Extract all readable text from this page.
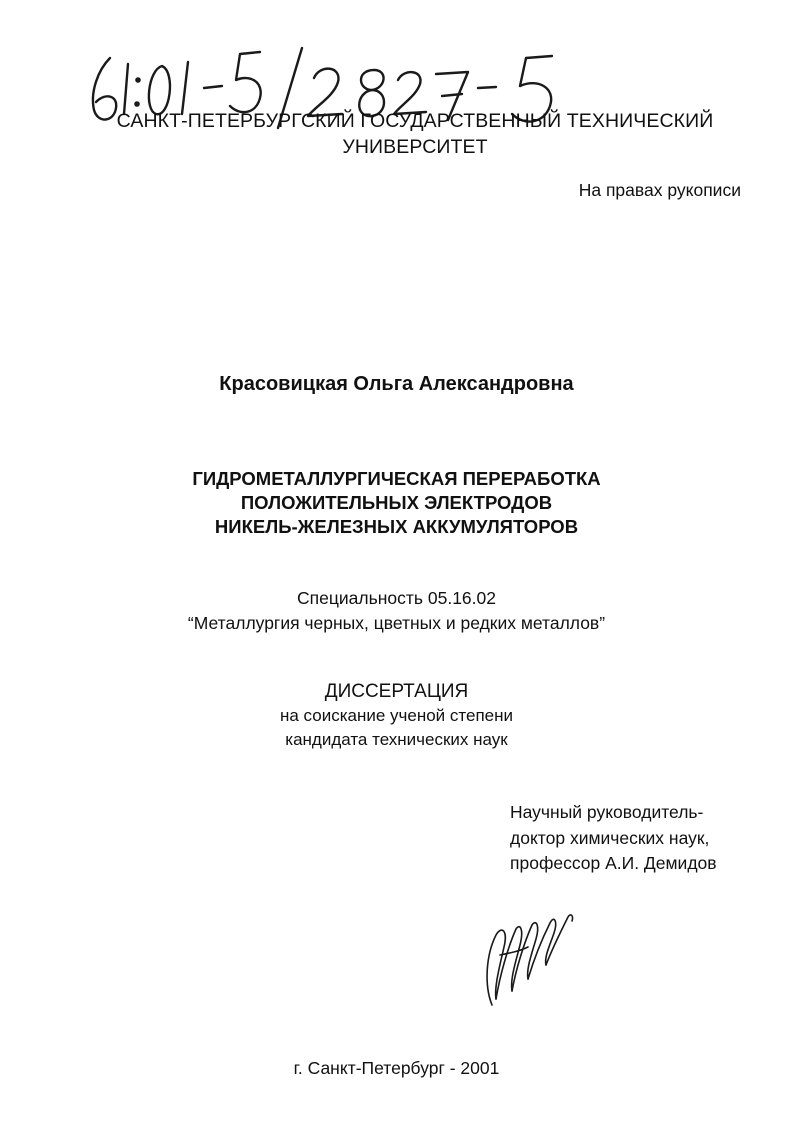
САНКТ-ПЕТЕРБУРГСКИЙ ГОСУДАРСТВЕННЫЙ ТЕХНИЧЕСКИЙ
УНИВЕРСИТЕТ

На правах рукописи

Красовицкая Ольга Александровна

ГИДРОМЕТАЛЛУРГИЧЕСКАЯ ПЕРЕРАБОТКА
ПОЛОЖИТЕЛЬНЫХ ЭЛЕКТРОДОВ
НИКЕЛЬ-ЖЕЛЕЗНЫХ АККУМУЛЯТОРОВ

Специальность 05.16.02
“Металлургия черных, цветных и редких металлов”

ДИССЕРТАЦИЯ
на соискание ученой степени
кандидата технических наук

Научный руководитель-
доктор химических наук,
профессор А.И. Демидов

г. Санкт-Петербург - 2001
